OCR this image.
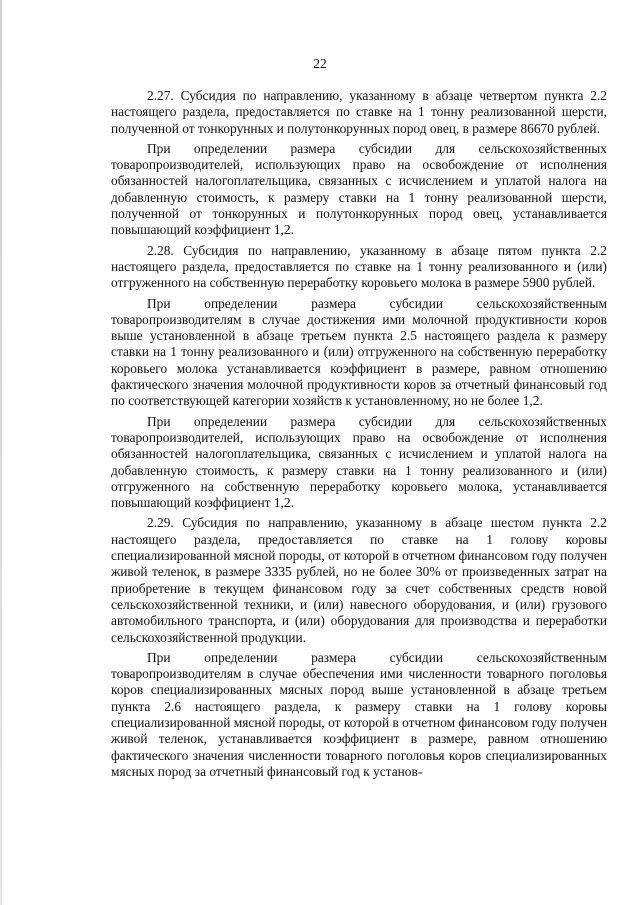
22

2.27. Субсидия по направлению, указанному в абзаце четвертом пункта 2.2 настоящего раздела, предоставляется по ставке на 1 тонну реализованной шерсти, полученной от тонкорунных и полутонкорунных пород овец, в размере 86670 рублей.

При определении размера субсидии для сельскохозяйственных товаропроизводителей, использующих право на освобождение от исполнения обязанностей налогоплательщика, связанных с исчислением и уплатой налога на добавленную стоимость, к размеру ставки на 1 тонну реализованной шерсти, полученной от тонкорунных и полутонкорунных пород овец, устанавливается повышающий коэффициент 1,2.

2.28. Субсидия по направлению, указанному в абзаце пятом пункта 2.2 настоящего раздела, предоставляется по ставке на 1 тонну реализованного и (или) отгруженного на собственную переработку коровьего молока в размере 5900 рублей.

При определении размера субсидии сельскохозяйственным товаропроизводителям в случае достижения ими молочной продуктивности коров выше установленной в абзаце третьем пункта 2.5 настоящего раздела к размеру ставки на 1 тонну реализованного и (или) отгруженного на собственную переработку коровьего молока устанавливается коэффициент в размере, равном отношению фактического значения молочной продуктивности коров за отчетный финансовый год по соответствующей категории хозяйств к установленному, но не более 1,2.

При определении размера субсидии для сельскохозяйственных товаропроизводителей, использующих право на освобождение от исполнения обязанностей налогоплательщика, связанных с исчислением и уплатой налога на добавленную стоимость, к размеру ставки на 1 тонну реализованного и (или) отгруженного на собственную переработку коровьего молока, устанавливается повышающий коэффициент 1,2.

2.29. Субсидия по направлению, указанному в абзаце шестом пункта 2.2 настоящего раздела, предоставляется по ставке на 1 голову коровы специализированной мясной породы, от которой в отчетном финансовом году получен живой теленок, в размере 3335 рублей, но не более 30% от произведенных затрат на приобретение в текущем финансовом году за счет собственных средств новой сельскохозяйственной техники, и (или) навесного оборудования, и (или) грузового автомобильного транспорта, и (или) оборудования для производства и переработки сельскохозяйственной продукции.

При определении размера субсидии сельскохозяйственным товаропроизводителям в случае обеспечения ими численности товарного поголовья коров специализированных мясных пород выше установленной в абзаце третьем пункта 2.6 настоящего раздела, к размеру ставки на 1 голову коровы специализированной мясной породы, от которой в отчетном финансовом году получен живой теленок, устанавливается коэффициент в размере, равном отношению фактического значения численности товарного поголовья коров специализированных мясных пород за отчетный финансовый год к установ-
